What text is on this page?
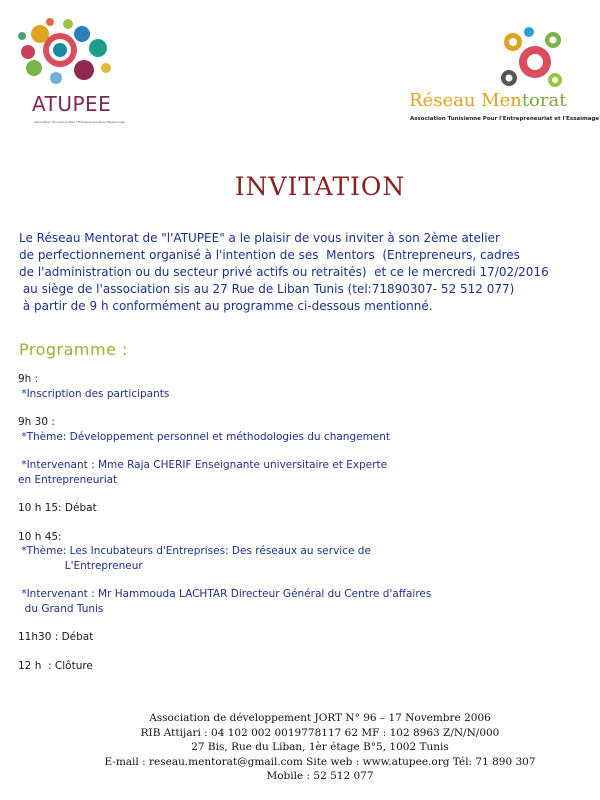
ATUPEE
Association Tunisienne Pour l'Entrepreneuriat et l'Essaimage
Réseau Mentorat
Association Tunisienne Pour l'Entrepreneuriat et l'Essaimage
INVITATION
Le Réseau Mentorat de "l'ATUPEE" a le plaisir de vous inviter à son 2ème atelier
de perfectionnement organisé à l'intention de ses  Mentors  (Entrepreneurs, cadres
de l'administration ou du secteur privé actifs ou retraités)  et ce le mercredi 17/02/2016
au siège de l'association sis au 27 Rue de Liban Tunis (tel:71890307- 52 512 077)
à partir de 9 h conformément au programme ci-dessous mentionné.
Programme :
9h :
*Inscription des participants
9h 30 :
*Thème: Développement personnel et méthodologies du changement
*Intervenant : Mme Raja CHERIF Enseignante universitaire et Experte
en Entrepreneuriat
10 h 15: Débat
10 h 45:
*Thème: Les Incubateurs d'Entreprises: Des réseaux au service de
L'Entrepreneur
*Intervenant : Mr Hammouda LACHTAR Directeur Général du Centre d'affaires
du Grand Tunis
11h30 : Débat
12 h  : Clôture
Association de développement JORT N° 96 – 17 Novembre 2006
RIB Attijari : 04 102 002 0019778117 62 MF : 102 8963 Z/N/N/000
27 Bis, Rue du Liban, 1èr étage B°5, 1002 Tunis
E-mail : reseau.mentorat@gmail.com Site web : www.atupee.org Tél: 71 890 307
Mobile : 52 512 077
